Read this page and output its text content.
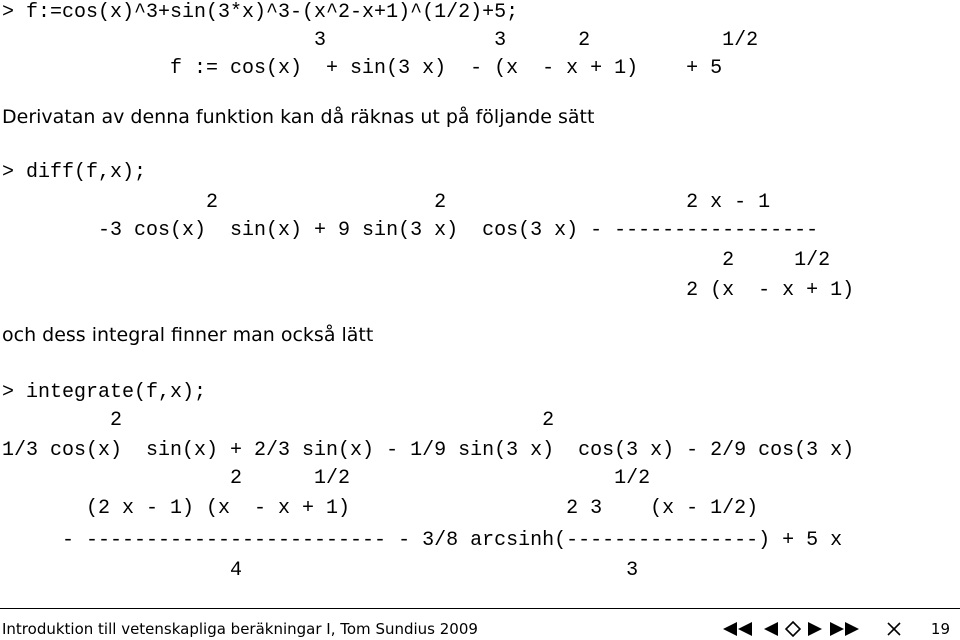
> f:=cos(x)^3+sin(3*x)^3-(x^2-x+1)^(1/2)+5;
3              3      2           1/2
f := cos(x)  + sin(3 x)  - (x  - x + 1)    + 5
Derivatan av denna funktion kan då räknas ut på följande sätt
> diff(f,x);
2                  2                    2 x - 1
-3 cos(x)  sin(x) + 9 sin(3 x)  cos(3 x) - -----------------
2     1/2
2 (x  - x + 1)
och dess integral finner man också lätt
> integrate(f,x);
2                                   2
1/3 cos(x)  sin(x) + 2/3 sin(x) - 1/9 sin(3 x)  cos(3 x) - 2/9 cos(3 x)
2      1/2                      1/2
(2 x - 1) (x  - x + 1)                  2 3    (x - 1/2)
- ------------------------- - 3/8 arcsinh(----------------) + 5 x
4                                3
Introduktion till vetenskapliga beräkningar I, Tom Sundius 2009	19
